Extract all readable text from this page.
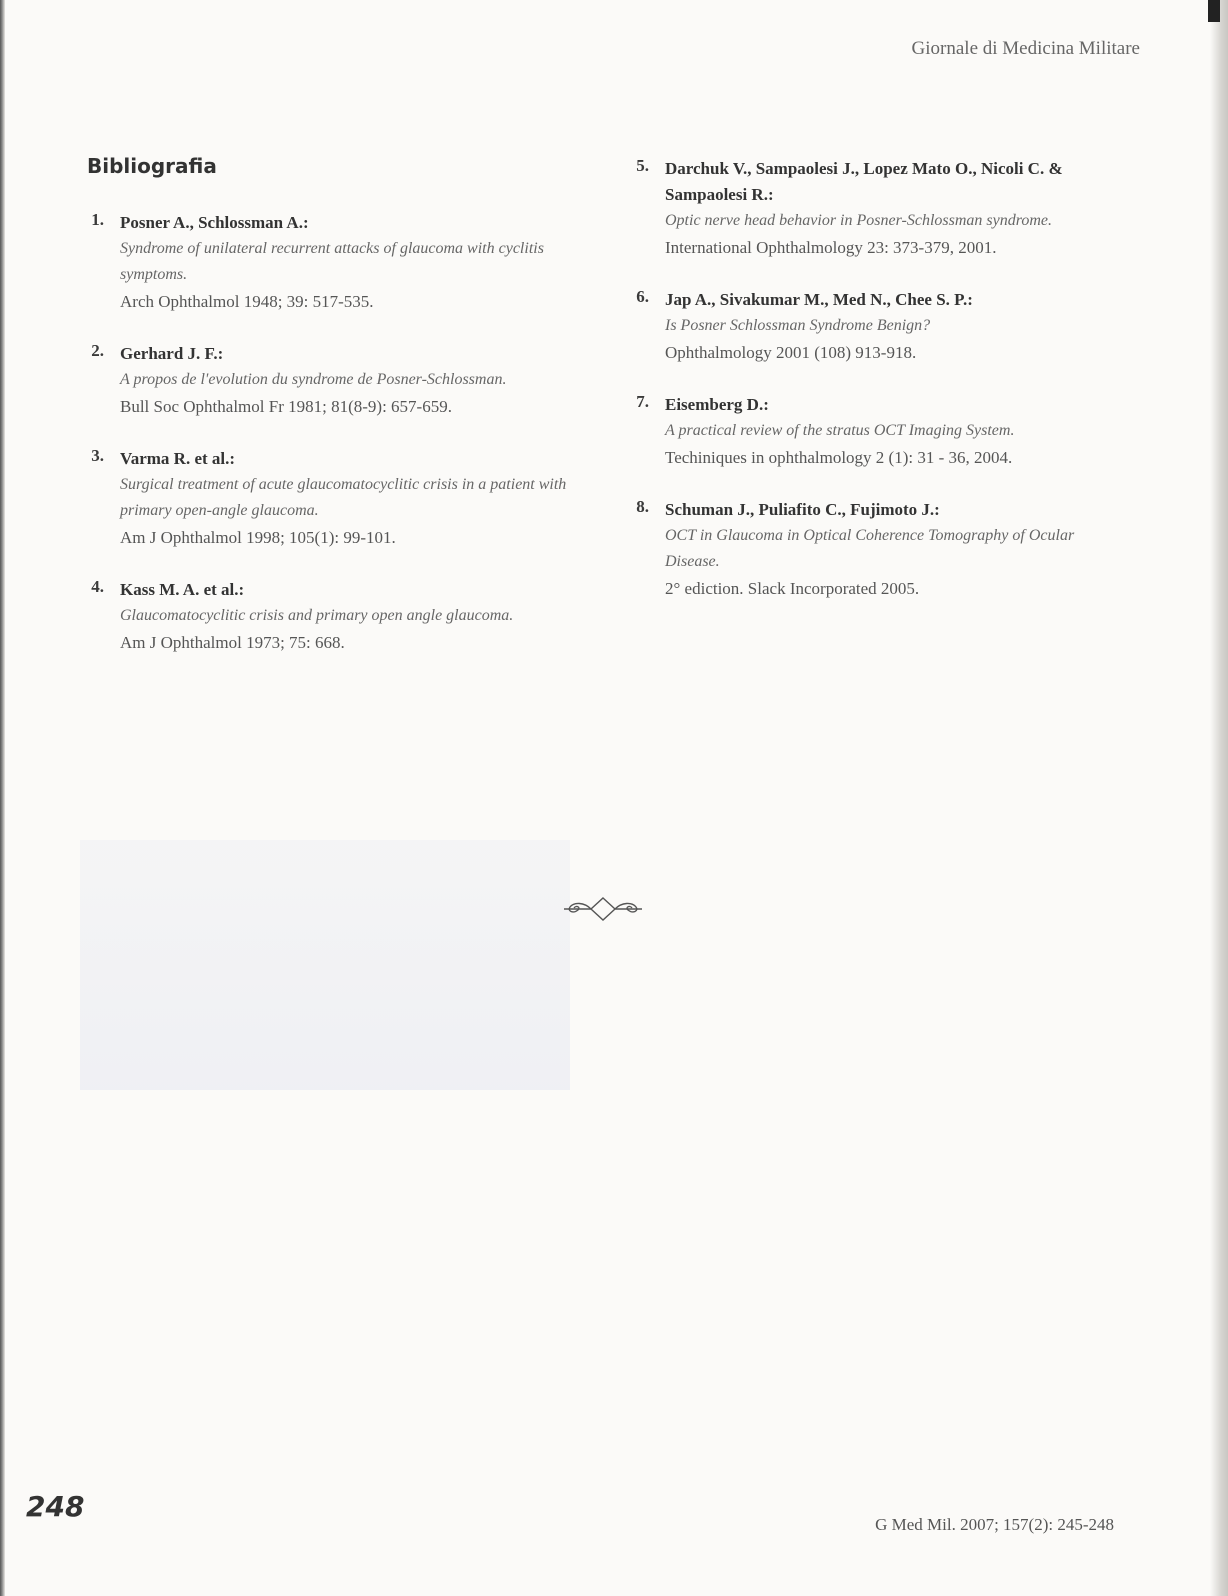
Giornale di Medicina Militare
Bibliografia
1. Posner A., Schlossman A.:
Syndrome of unilateral recurrent attacks of glaucoma with cyclitis symptoms.
Arch Ophthalmol 1948; 39: 517-535.
2. Gerhard J. F.:
A propos de l'evolution du syndrome de Posner-Schlossman.
Bull Soc Ophthalmol Fr 1981; 81(8-9): 657-659.
3. Varma R. et al.:
Surgical treatment of acute glaucomatocyclitic crisis in a patient with primary open-angle glaucoma.
Am J Ophthalmol 1998; 105(1): 99-101.
4. Kass M. A. et al.:
Glaucomatocyclitic crisis and primary open angle glaucoma.
Am J Ophthalmol 1973; 75: 668.
5. Darchuk V., Sampaolesi J., Lopez Mato O., Nicoli C. & Sampaolesi R.:
Optic nerve head behavior in Posner-Schlossman syndrome.
International Ophthalmology 23: 373-379, 2001.
6. Jap A., Sivakumar M., Med N., Chee S. P.:
Is Posner Schlossman Syndrome Benign?
Ophthalmology 2001 (108) 913-918.
7. Eisemberg D.:
A practical review of the stratus OCT Imaging System.
Techiniques in ophthalmology 2 (1): 31 - 36, 2004.
8. Schuman J., Puliafito C., Fujimoto J.:
OCT in Glaucoma in Optical Coherence Tomography of Ocular Disease.
2° ediction. Slack Incorporated 2005.
248
G Med Mil. 2007; 157(2): 245-248
